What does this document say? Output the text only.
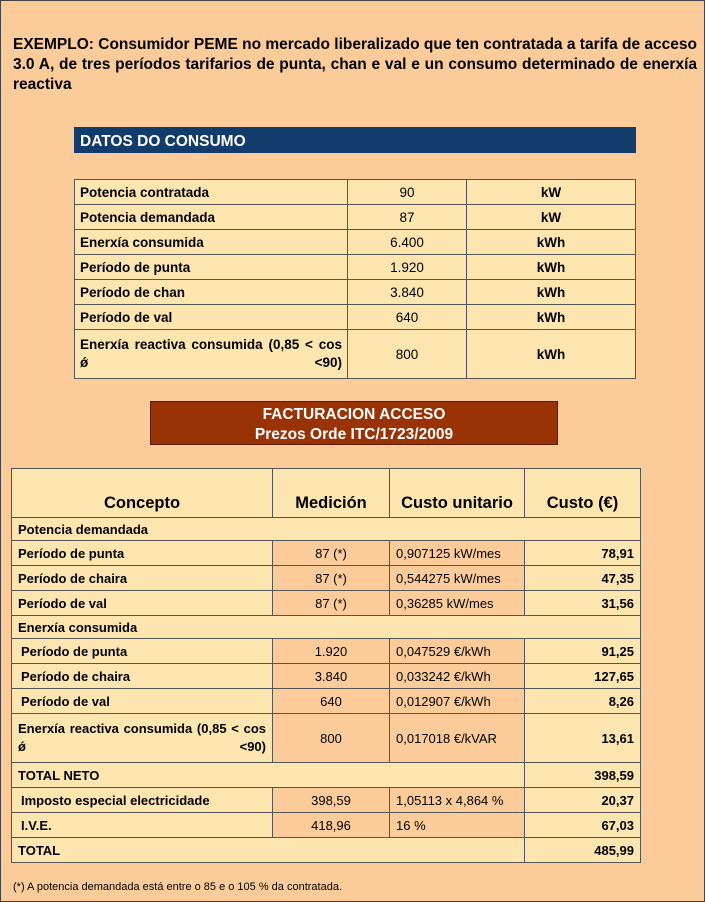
EXEMPLO: Consumidor PEME no mercado liberalizado que ten contratada a tarifa de acceso 3.0 A, de tres períodos tarifarios de punta, chan e val e un consumo determinado de enerxía reactiva
DATOS DO CONSUMO
Potencia contratada	90	kW
Potencia demandada	87	kW
Enerxía consumida	6.400	kWh
Período de punta	1.920	kWh
Período de chan	3.840	kWh
Período de val	640	kWh
Enerxía reactiva consumida (0,85 < cos ǿ <90)	800	kWh
FACTURACION ACCESO
Prezos Orde ITC/1723/2009
Concepto	Medición	Custo unitario	Custo (€)
Potencia demandada			
Período de punta	87 (*)	0,907125 kW/mes	78,91
Período de chaira	87 (*)	0,544275 kW/mes	47,35
Período de val	87 (*)	0,36285 kW/mes	31,56
Enerxía consumida			
Período de punta	1.920	0,047529 €/kWh	91,25
Período de chaira	3.840	0,033242 €/kWh	127,65
Período de val	640	0,012907 €/kWh	8,26
Enerxía reactiva consumida (0,85 < cos ǿ <90)	800	0,017018 €/kVAR	13,61
TOTAL NETO			398,59
Imposto especial electricidade	398,59	1,05113 x 4,864 %	20,37
I.V.E.	418,96	16 %	67,03
TOTAL			485,99
(*) A potencia demandada está entre o 85 e o 105 % da contratada.
